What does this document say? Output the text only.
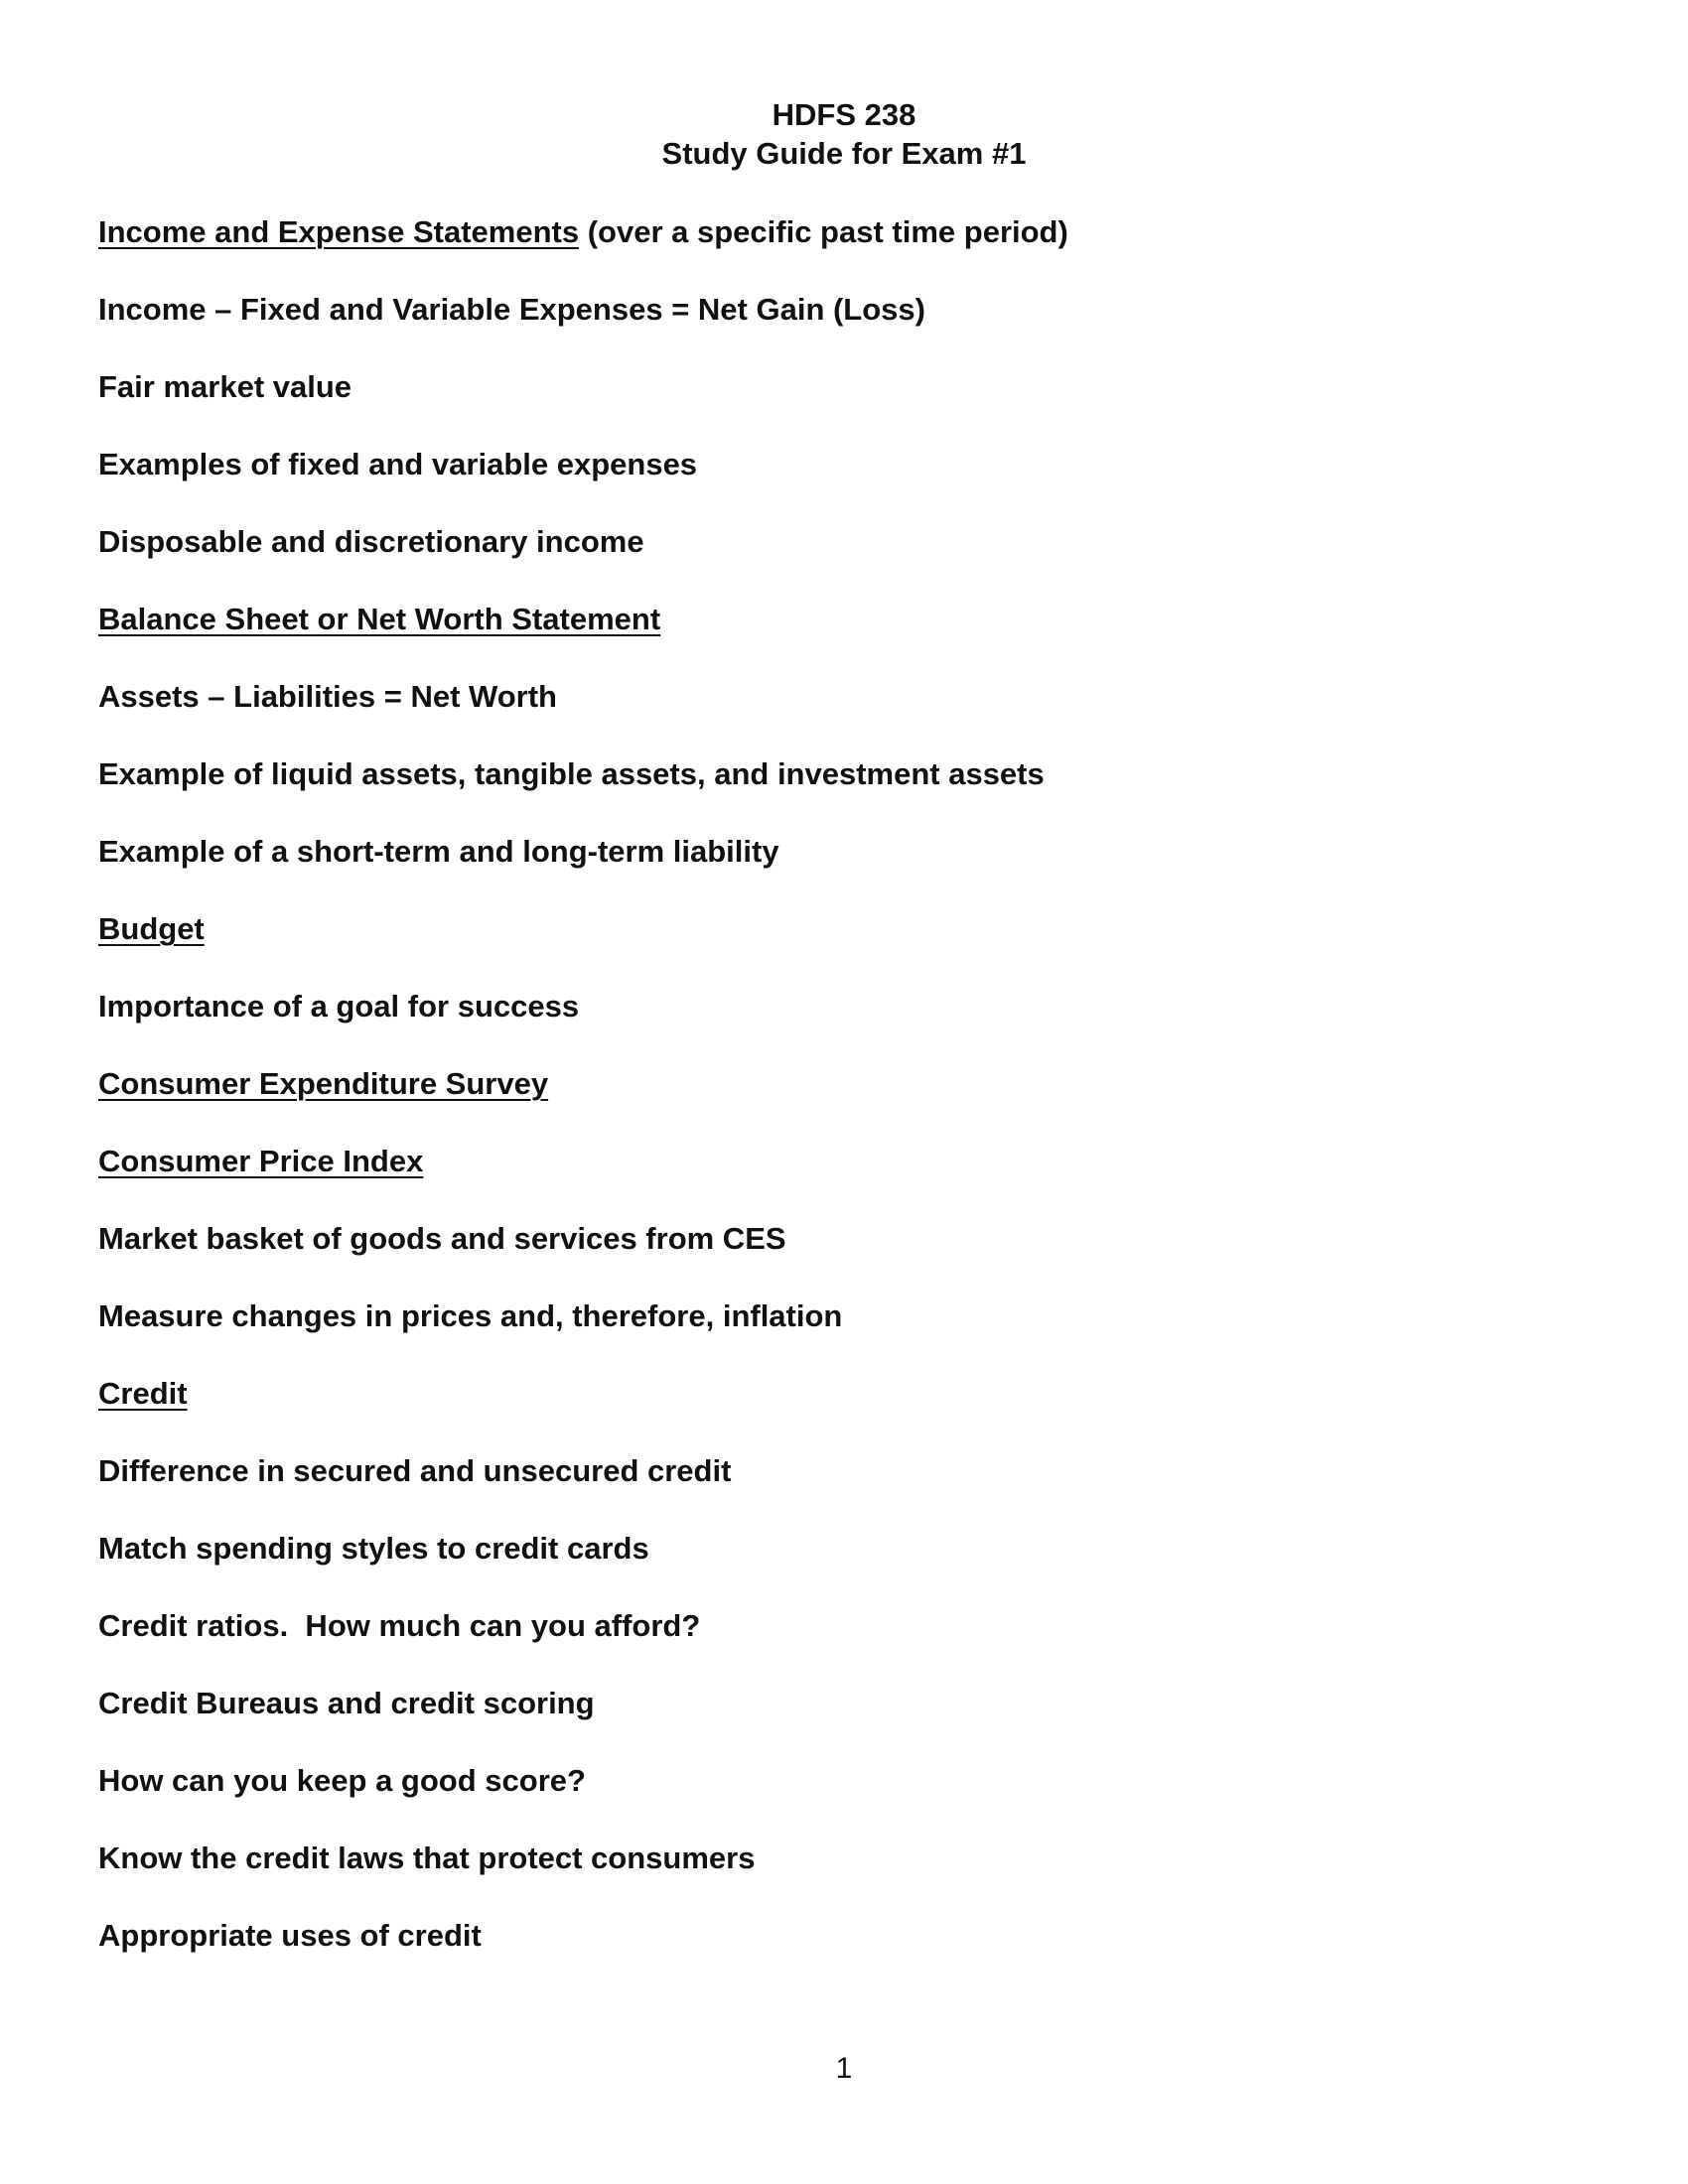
HDFS 238
Study Guide for Exam #1
Income and Expense Statements (over a specific past time period)
Income – Fixed and Variable Expenses = Net Gain (Loss)
Fair market value
Examples of fixed and variable expenses
Disposable and discretionary income
Balance Sheet or Net Worth Statement
Assets – Liabilities = Net Worth
Example of liquid assets, tangible assets, and investment assets
Example of a short-term and long-term liability
Budget
Importance of a goal for success
Consumer Expenditure Survey
Consumer Price Index
Market basket of goods and services from CES
Measure changes in prices and, therefore, inflation
Credit
Difference in secured and unsecured credit
Match spending styles to credit cards
Credit ratios.  How much can you afford?
Credit Bureaus and credit scoring
How can you keep a good score?
Know the credit laws that protect consumers
Appropriate uses of credit
1
